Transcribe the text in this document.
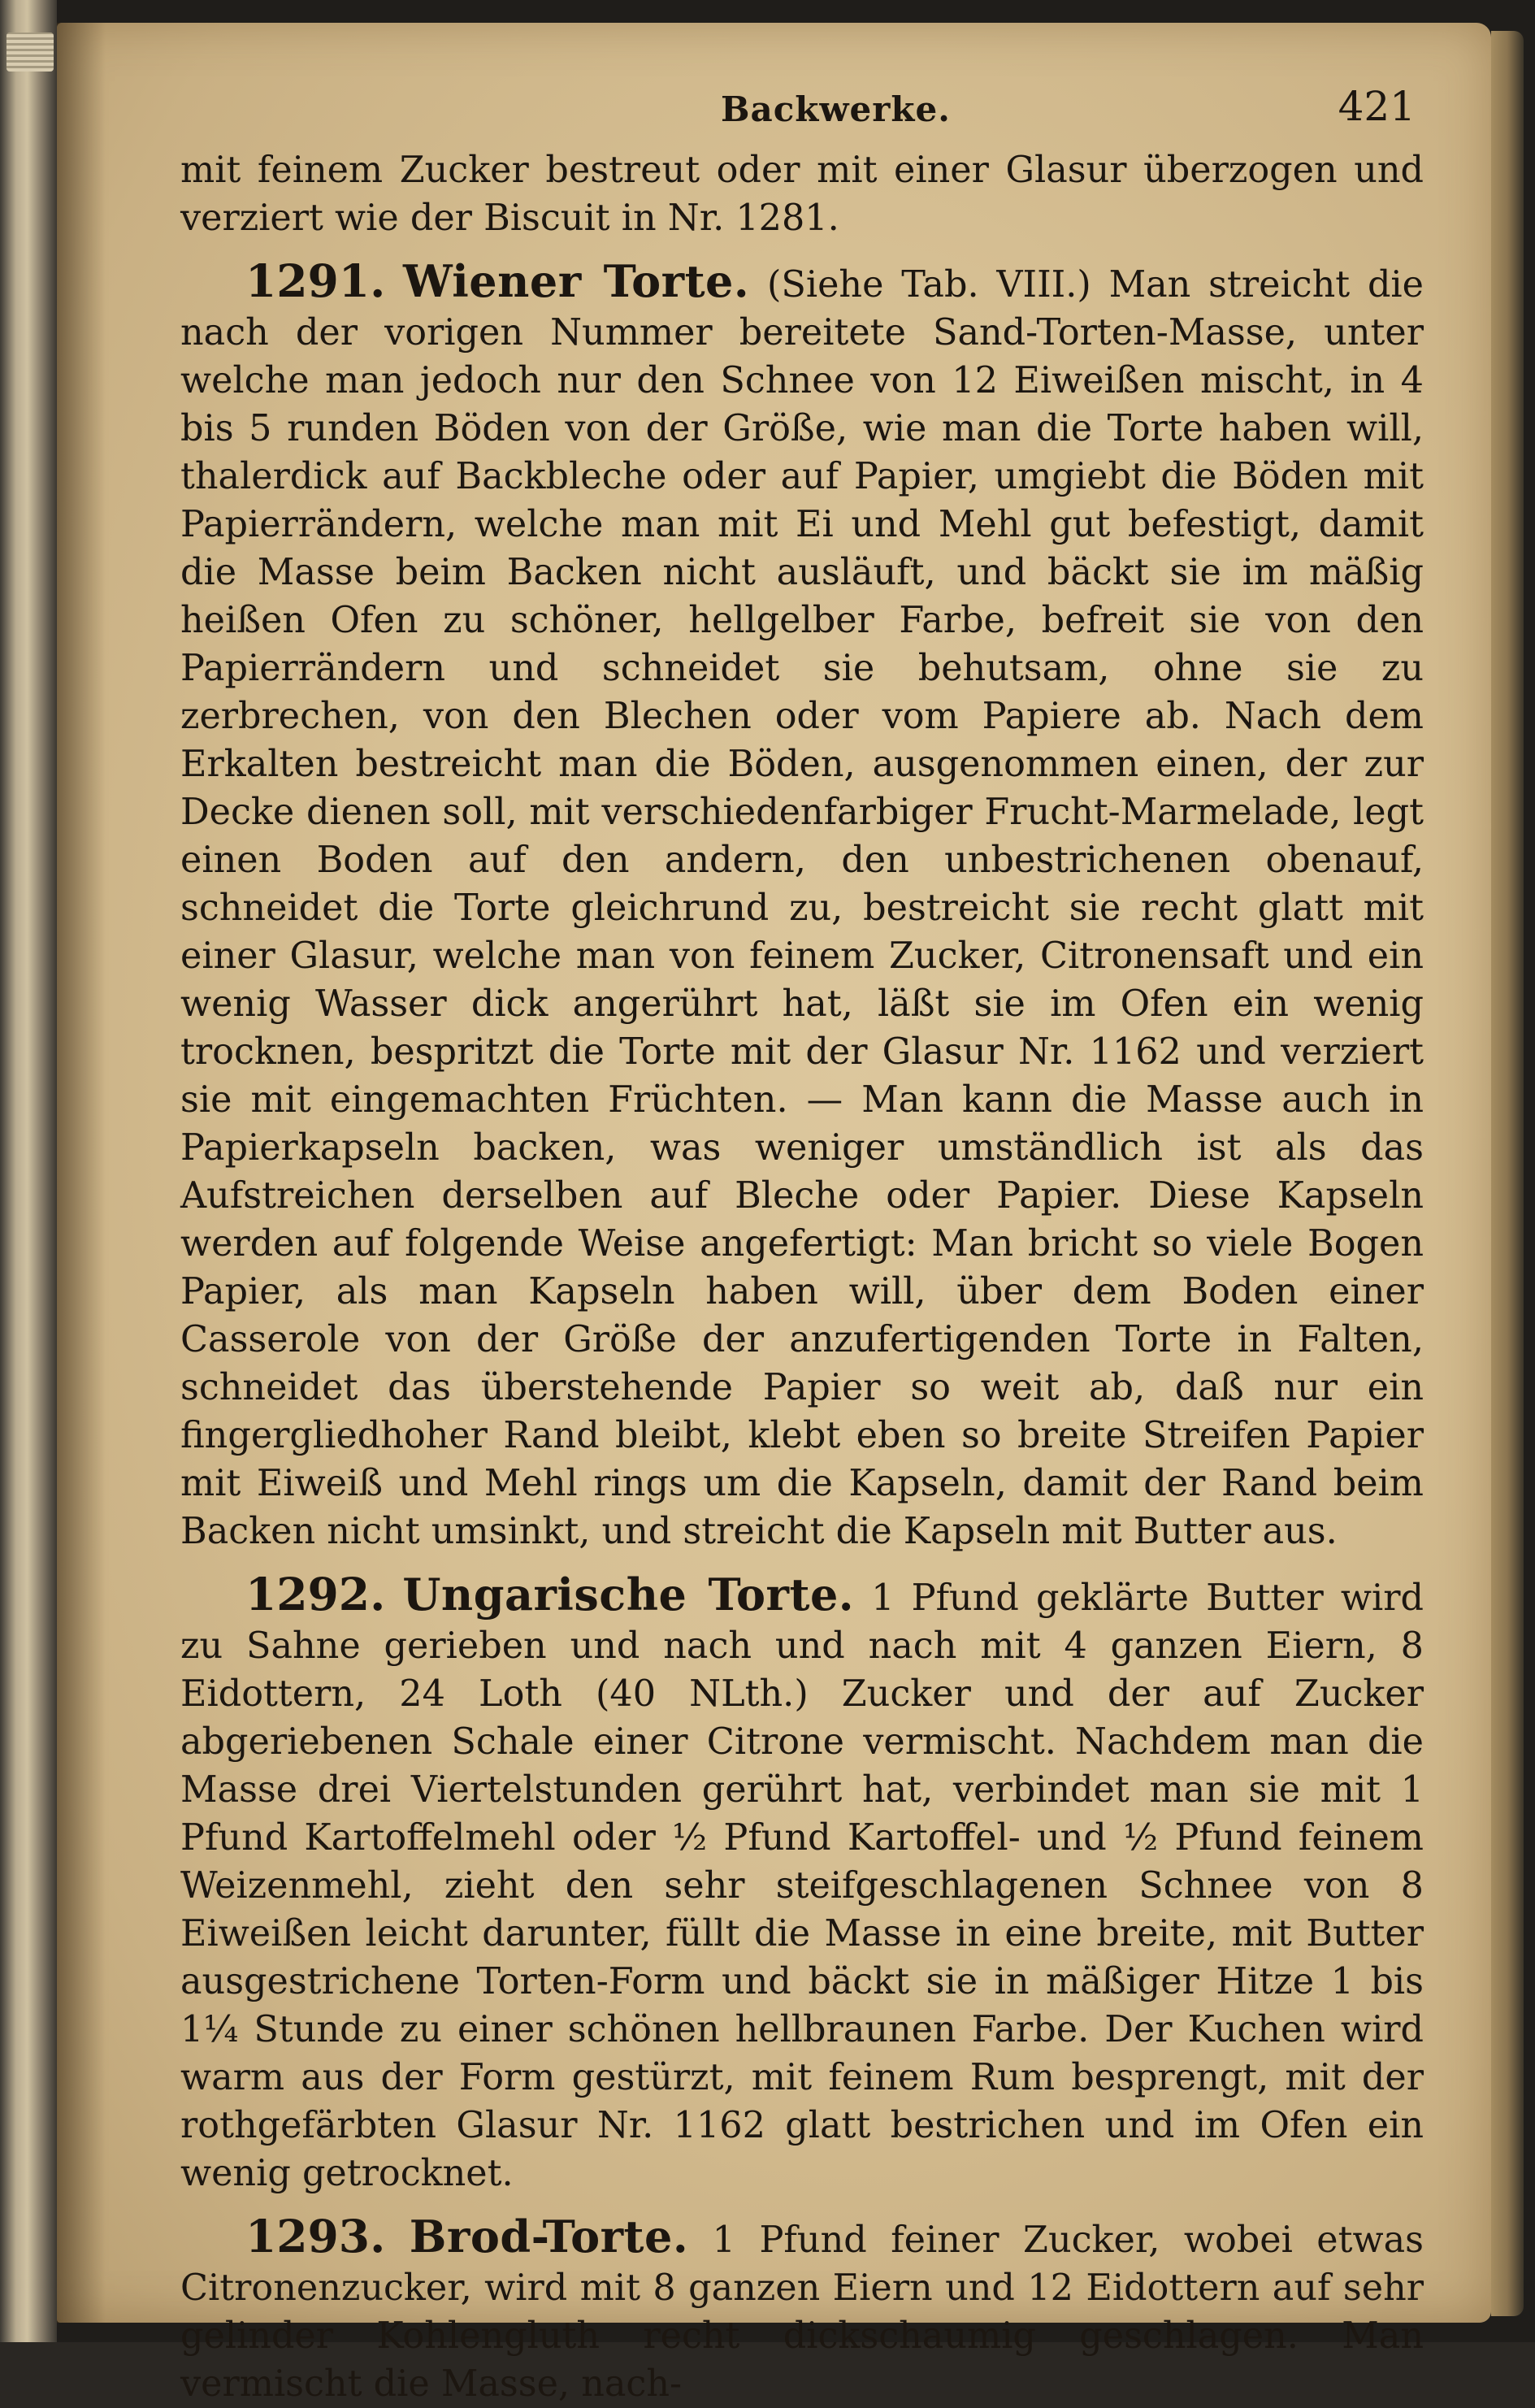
Backwerke.	421

mit feinem Zucker bestreut oder mit einer Glasur überzogen und verziert wie der Biscuit in Nr. 1281.

1291. Wiener Torte. (Siehe Tab. VIII.) Man streicht die nach der vorigen Nummer bereitete Sand-Torten-Masse, unter welche man jedoch nur den Schnee von 12 Eiweißen mischt, in 4 bis 5 runden Böden von der Größe, wie man die Torte haben will, thalerdick auf Backbleche oder auf Papier, umgiebt die Böden mit Papierrändern, welche man mit Ei und Mehl gut befestigt, damit die Masse beim Backen nicht ausläuft, und bäckt sie im mäßig heißen Ofen zu schöner, hellgelber Farbe, befreit sie von den Papierrändern und schneidet sie behutsam, ohne sie zu zerbrechen, von den Blechen oder vom Papiere ab. Nach dem Erkalten bestreicht man die Böden, ausgenommen einen, der zur Decke dienen soll, mit verschiedenfarbiger Frucht-Marmelade, legt einen Boden auf den andern, den unbestrichenen obenauf, schneidet die Torte gleichrund zu, bestreicht sie recht glatt mit einer Glasur, welche man von feinem Zucker, Citronensaft und ein wenig Wasser dick angerührt hat, läßt sie im Ofen ein wenig trocknen, bespritzt die Torte mit der Glasur Nr. 1162 und verziert sie mit eingemachten Früchten. — Man kann die Masse auch in Papierkapseln backen, was weniger umständlich ist als das Aufstreichen derselben auf Bleche oder Papier. Diese Kapseln werden auf folgende Weise angefertigt: Man bricht so viele Bogen Papier, als man Kapseln haben will, über dem Boden einer Casserole von der Größe der anzufertigenden Torte in Falten, schneidet das überstehende Papier so weit ab, daß nur ein fingergliedhoher Rand bleibt, klebt eben so breite Streifen Papier mit Eiweiß und Mehl rings um die Kapseln, damit der Rand beim Backen nicht umsinkt, und streicht die Kapseln mit Butter aus.

1292. Ungarische Torte. 1 Pfund geklärte Butter wird zu Sahne gerieben und nach und nach mit 4 ganzen Eiern, 8 Eidottern, 24 Loth (40 NLth.) Zucker und der auf Zucker abgeriebenen Schale einer Citrone vermischt. Nachdem man die Masse drei Viertelstunden gerührt hat, verbindet man sie mit 1 Pfund Kartoffelmehl oder ½ Pfund Kartoffel- und ½ Pfund feinem Weizenmehl, zieht den sehr steifgeschlagenen Schnee von 8 Eiweißen leicht darunter, füllt die Masse in eine breite, mit Butter ausgestrichene Torten-Form und bäckt sie in mäßiger Hitze 1 bis 1¼ Stunde zu einer schönen hellbraunen Farbe. Der Kuchen wird warm aus der Form gestürzt, mit feinem Rum besprengt, mit der rothgefärbten Glasur Nr. 1162 glatt bestrichen und im Ofen ein wenig getrocknet.

1293. Brod-Torte. 1 Pfund feiner Zucker, wobei etwas Citronenzucker, wird mit 8 ganzen Eiern und 12 Eidottern auf sehr gelinder Kohlengluth recht dickschaumig geschlagen. Man vermischt die Masse, nach-
